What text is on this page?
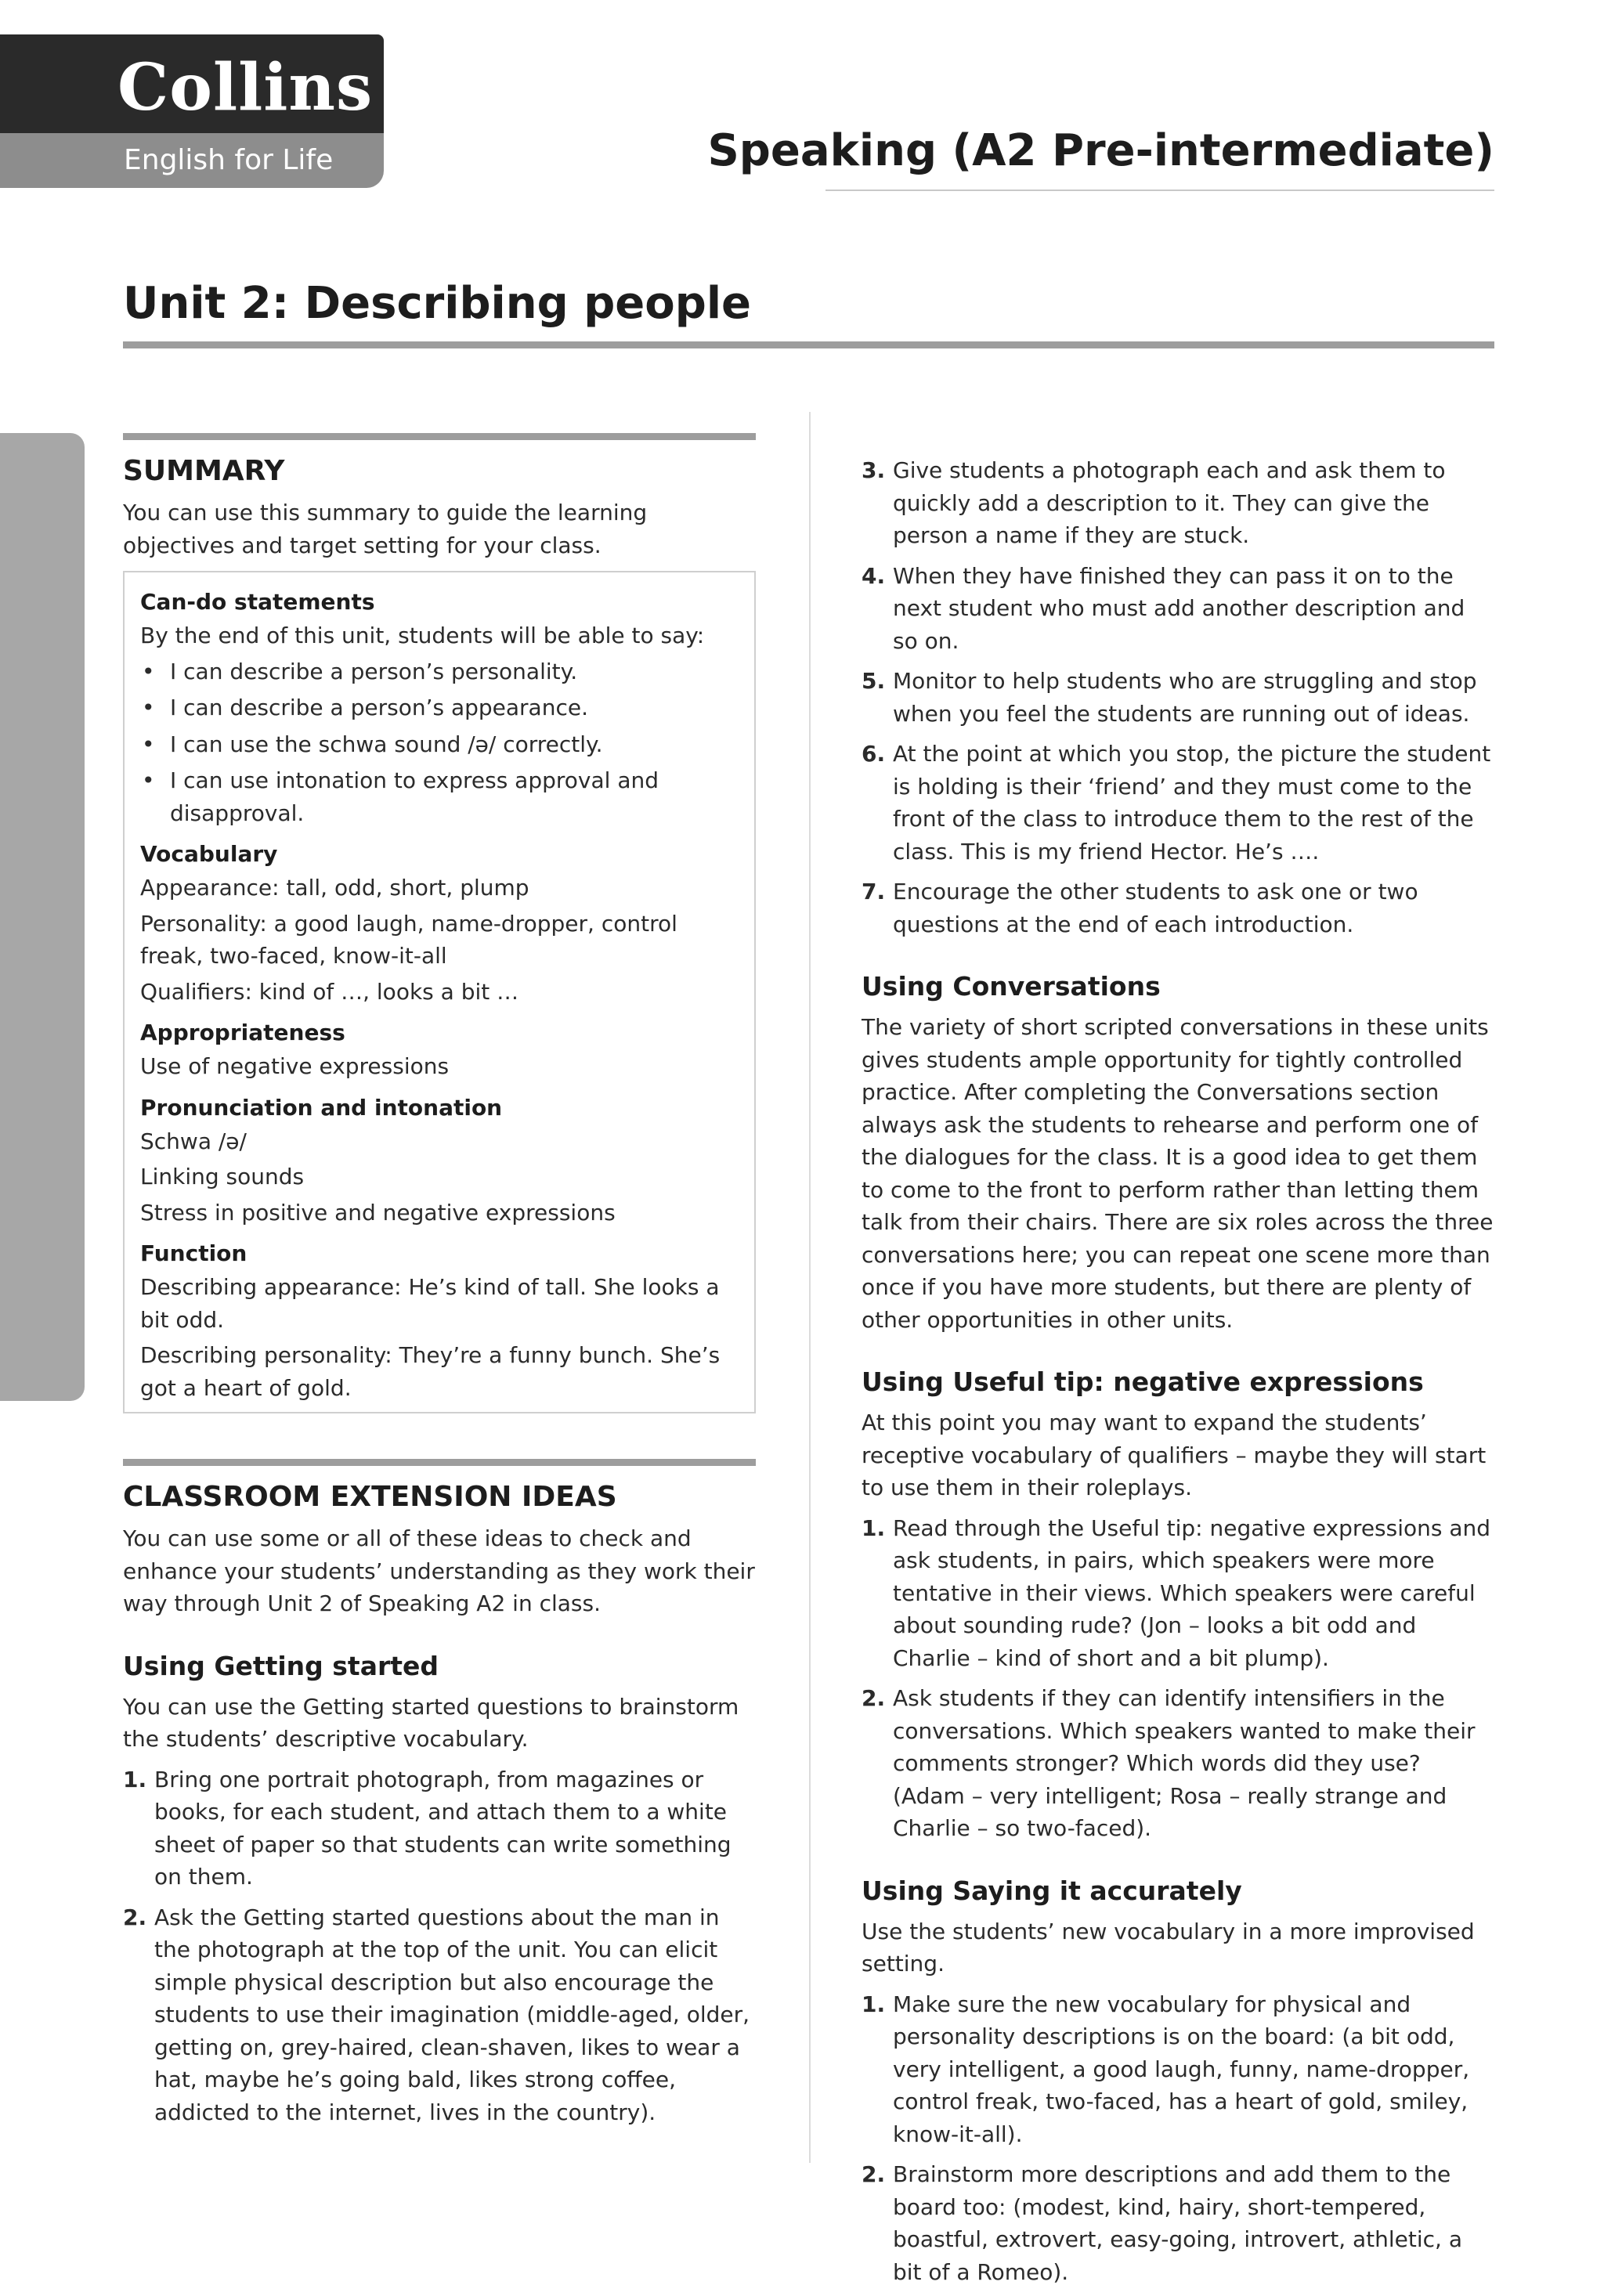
Collins
English for Life	Speaking (A2 Pre-intermediate)
Unit 2: Describing people
SUMMARY

You can use this summary to guide the learning objectives and target setting for your class.

Can-do statements

By the end of this unit, students will be able to say:

• I can describe a person’s personality.
• I can describe a person’s appearance.
• I can use the schwa sound /ə/ correctly.
• I can use intonation to express approval and disapproval.
Vocabulary

Appearance: tall, odd, short, plump

Personality: a good laugh, name-dropper, control freak, two-faced, know-it-all

Qualifiers: kind of …, looks a bit …

Appropriateness

Use of negative expressions

Pronunciation and intonation

Schwa /ə/

Linking sounds

Stress in positive and negative expressions

Function

Describing appearance: He’s kind of tall. She looks a bit odd.

Describing personality: They’re a funny bunch. She’s got a heart of gold.

CLASSROOM EXTENSION IDEAS

You can use some or all of these ideas to check and enhance your students’ understanding as they work their way through Unit 2 of Speaking A2 in class.

Using Getting started

You can use the Getting started questions to brainstorm the students’ descriptive vocabulary.

1. Bring one portrait photograph, from magazines or books, for each student, and attach them to a white sheet of paper so that students can write something on them.
2. Ask the Getting started questions about the man in the photograph at the top of the unit. You can elicit simple physical description but also encourage the students to use their imagination (middle-aged, older, getting on, grey-haired, clean-shaven, likes to wear a hat, maybe he’s going bald, likes strong coffee, addicted to the internet, lives in the country).
3. Give students a photograph each and ask them to quickly add a description to it. They can give the person a name if they are stuck.
4. When they have finished they can pass it on to the next student who must add another description and so on.
5. Monitor to help students who are struggling and stop when you feel the students are running out of ideas.
6. At the point at which you stop, the picture the student is holding is their ‘friend’ and they must come to the front of the class to introduce them to the rest of the class. This is my friend Hector. He’s ….
7. Encourage the other students to ask one or two questions at the end of each introduction.
Using Conversations

The variety of short scripted conversations in these units gives students ample opportunity for tightly controlled practice. After completing the Conversations section always ask the students to rehearse and perform one of the dialogues for the class. It is a good idea to get them to come to the front to perform rather than letting them talk from their chairs. There are six roles across the three conversations here; you can repeat one scene more than once if you have more students, but there are plenty of other opportunities in other units.

Using Useful tip: negative expressions

At this point you may want to expand the students’ receptive vocabulary of qualifiers – maybe they will start to use them in their roleplays.

1. Read through the Useful tip: negative expressions and ask students, in pairs, which speakers were more tentative in their views. Which speakers were careful about sounding rude? (Jon – looks a bit odd and Charlie – kind of short and a bit plump).
2. Ask students if they can identify intensifiers in the conversations. Which speakers wanted to make their comments stronger? Which words did they use? (Adam – very intelligent; Rosa – really strange and Charlie – so two-faced).
Using Saying it accurately

Use the students’ new vocabulary in a more improvised setting.

1. Make sure the new vocabulary for physical and personality descriptions is on the board: (a bit odd, very intelligent, a good laugh, funny, name-dropper, control freak, two-faced, has a heart of gold, smiley, know-it-all).
2. Brainstorm more descriptions and add them to the board too: (modest, kind, hairy, short-tempered, boastful, extrovert, easy-going, introvert, athletic, a bit of a Romeo).
